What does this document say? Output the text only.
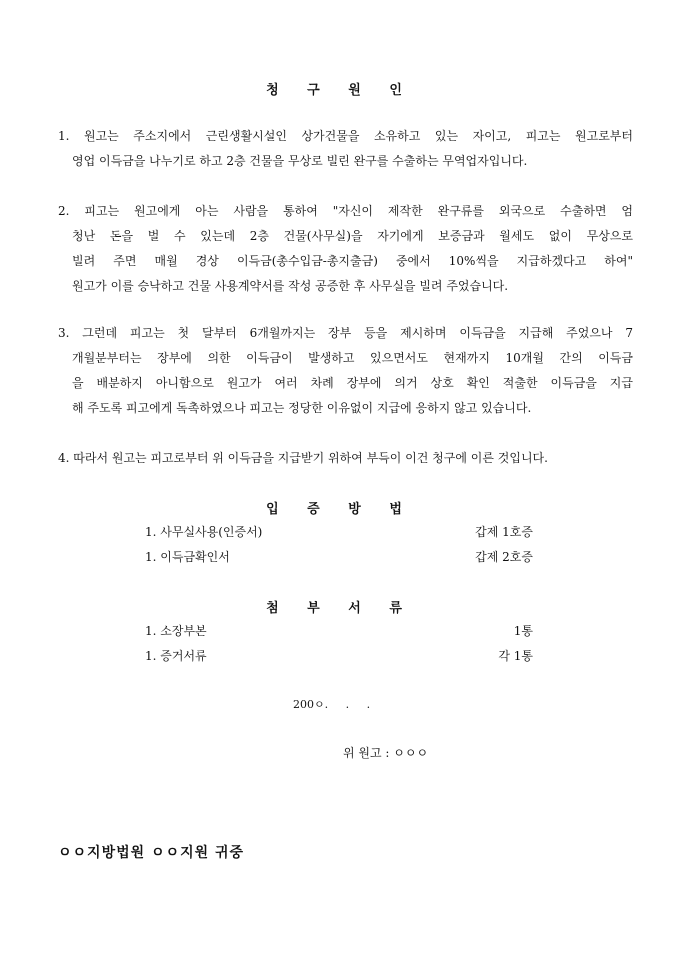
청 구 원 인
1. 원고는 주소지에서 근린생활시설인 상가건물을 소유하고 있는 자이고, 피고는 원고로부터
영업 이득금을 나누기로 하고 2층 건물을 무상로 빌린 완구를 수출하는 무역업자입니다.
2. 피고는 원고에게 아는 사람을 통하여 "자신이 제작한 완구류를 외국으로 수출하면 엄
청난 돈을 벌 수 있는데 2층 건물(사무실)을 자기에게 보증금과 월세도 없이 무상으로
빌려 주면 매월 경상 이득금(총수입금-총지출금) 중에서 10%씩을 지급하겠다고 하여"
원고가 이를 승낙하고 건물 사용계약서를 작성 공증한 후 사무실을 빌려 주었습니다.
3. 그런데 피고는 첫 달부터 6개월까지는 장부 등을 제시하며 이득금을 지급해 주었으나 7
개월분부터는 장부에 의한 이득금이 발생하고 있으면서도 현재까지 10개월 간의 이득금
을 배분하지 아니함으로 원고가 여러 차례 장부에 의거 상호 확인 적출한 이득금을 지급
해 주도록 피고에게 독촉하였으나 피고는 정당한 이유없이 지급에 응하지 않고 있습니다.
4. 따라서 원고는 피고로부터 위 이득금을 지급받기 위하여 부득이 이건 청구에 이른 것입니다.
입 증 방 법
1. 사무실사용(인증서)	갑제 1호증
1. 이득금확인서	갑제 2호증
첨 부 서 류
1. 소장부본	1통
1. 증거서류	각 1통
200ㅇ.     .     .
위 원고 : ㅇㅇㅇ
ㅇㅇ지방법원 ㅇㅇ지원 귀중
